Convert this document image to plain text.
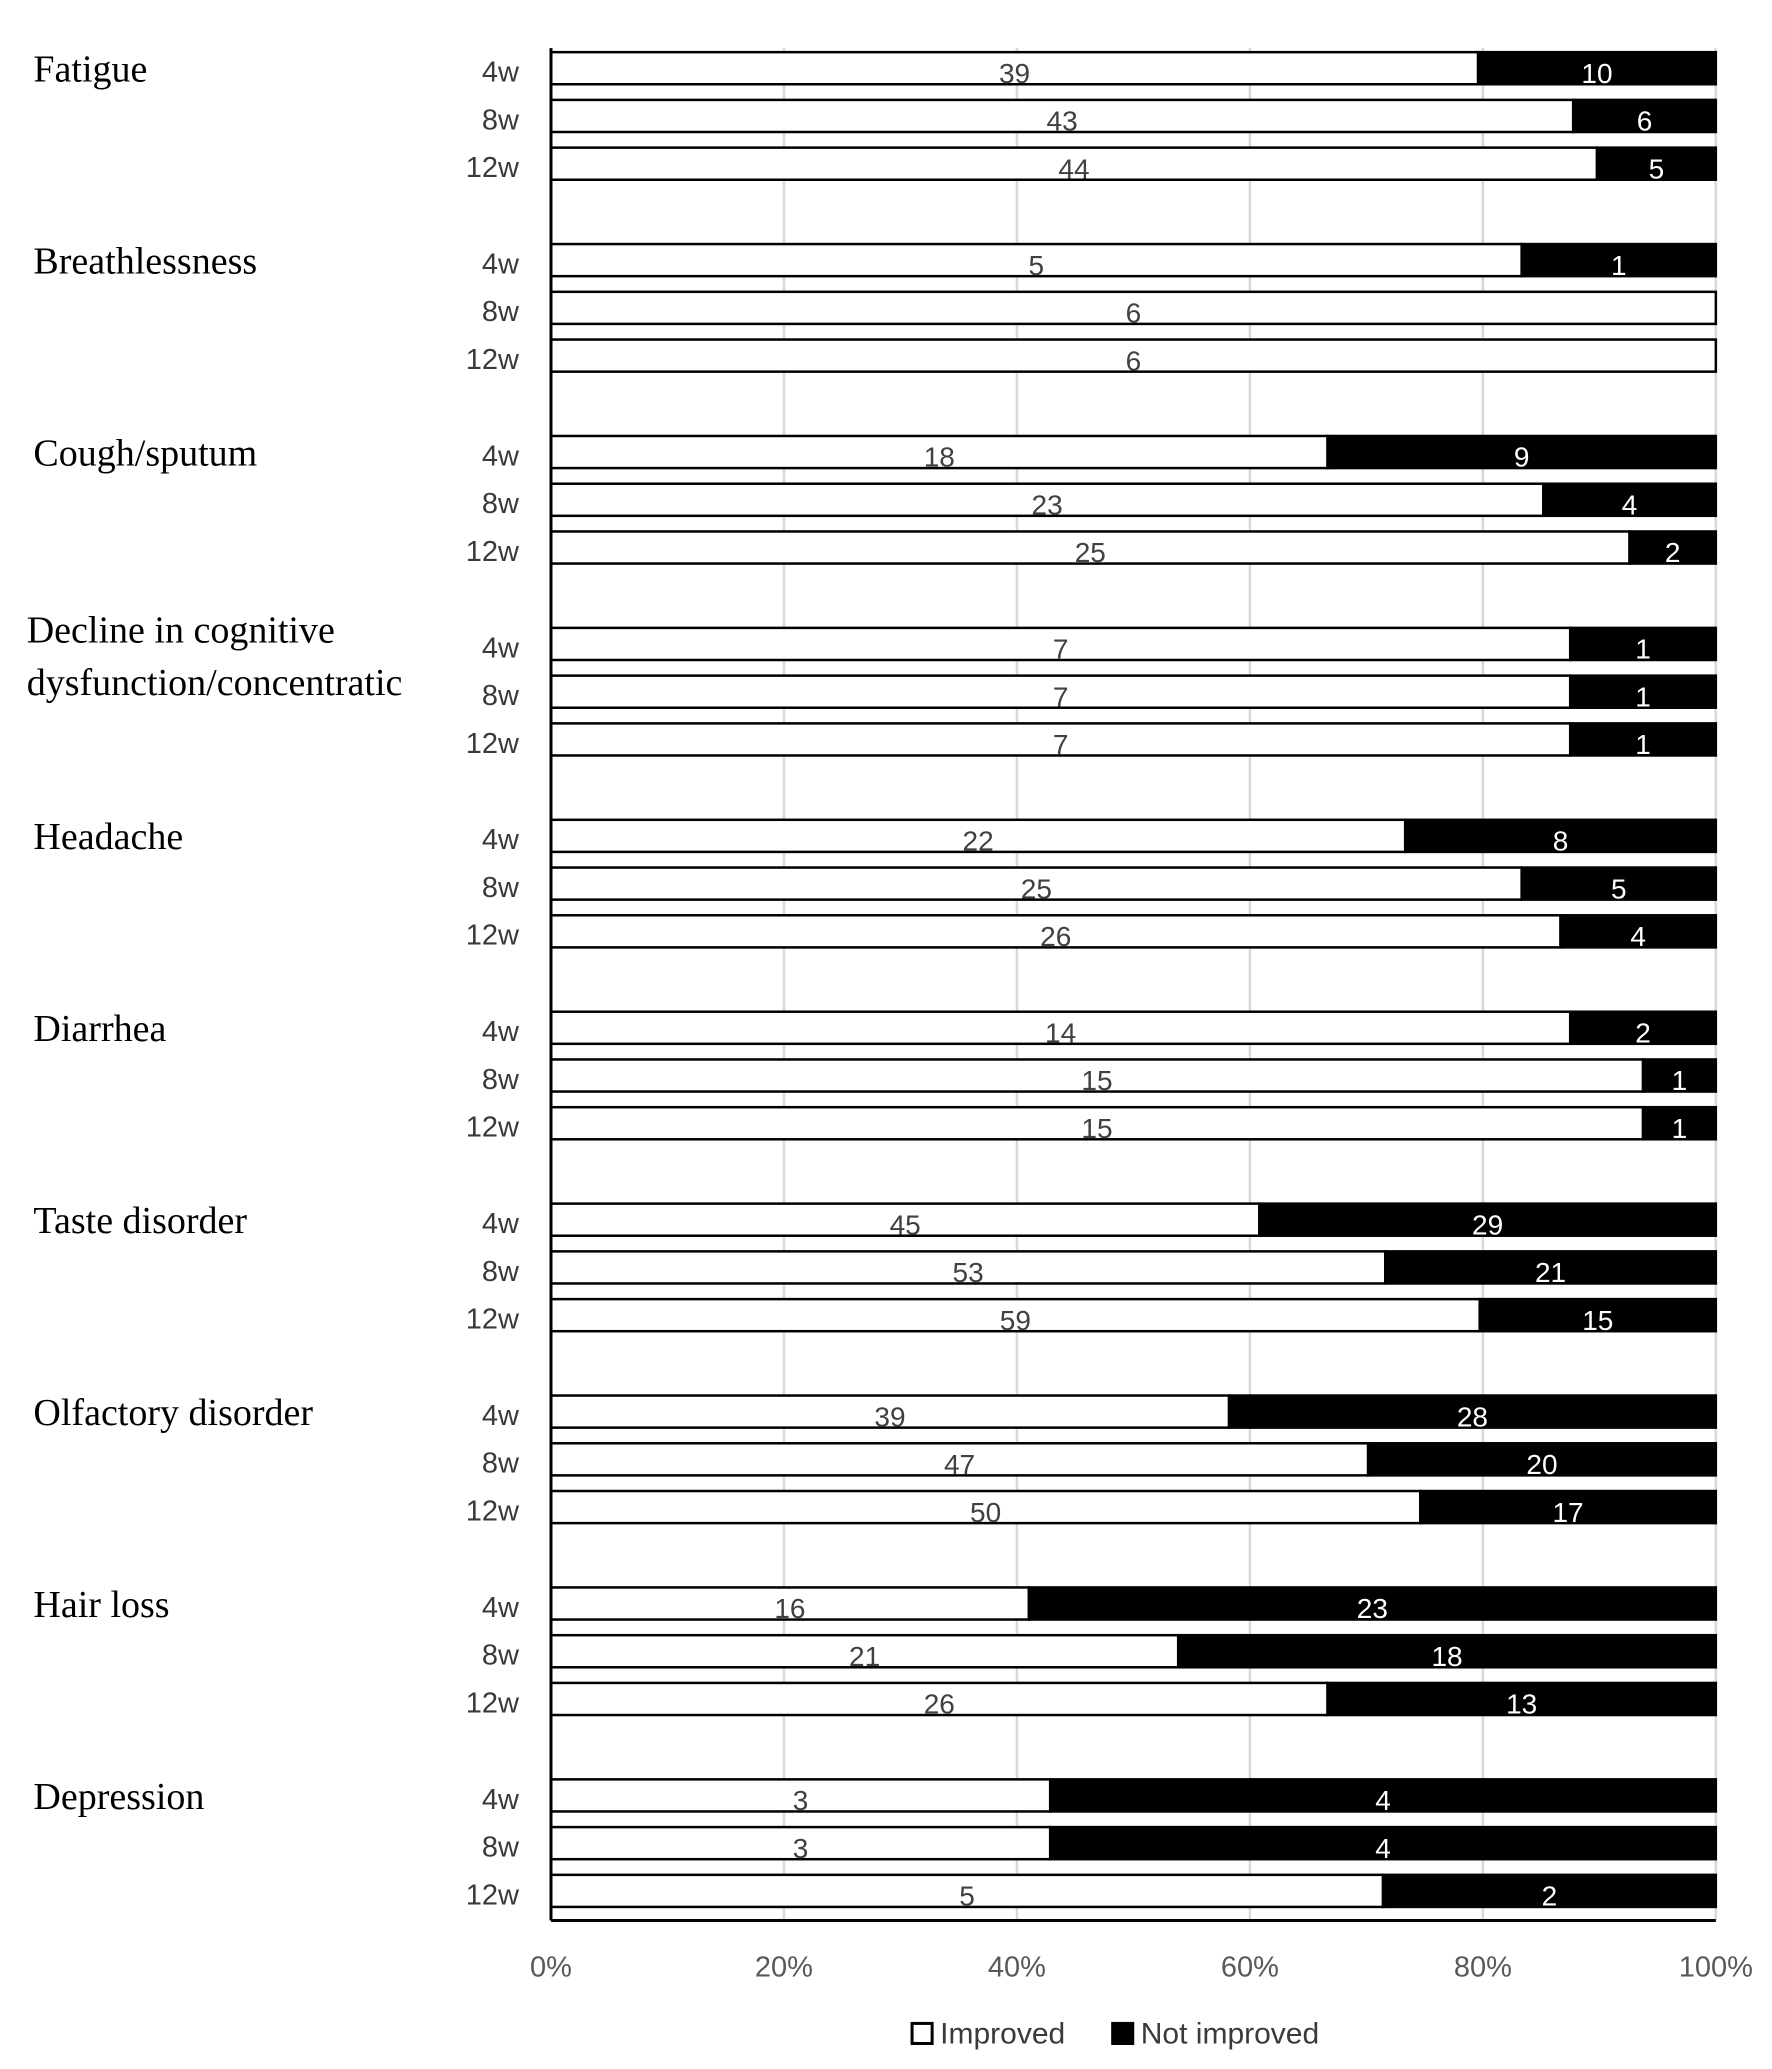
0%	20%	40%	60%	80%	100%
Fatigue	4w	39	10
8w	43	6
12w	44	5
Breathlessness	4w	5	1
8w	6
12w	6
Cough/sputum	4w	18	9
8w	23	4
12w	25	2
Decline in cognitive
dysfunction/concentratic
4w	7	1
8w	7	1
12w	7	1
Headache	4w	22	8
8w	25	5
12w	26	4
Diarrhea	4w	14	2
8w	15	1
12w	15	1
Taste disorder	4w	45	29
8w	53	21
12w	59	15
Olfactory disorder	4w	39	28
8w	47	20
12w	50	17
Hair loss	4w	16	23
8w	21	18
12w	26	13
Depression	4w	3	4
8w	3	4
12w	5	2
Improved	Not improved
